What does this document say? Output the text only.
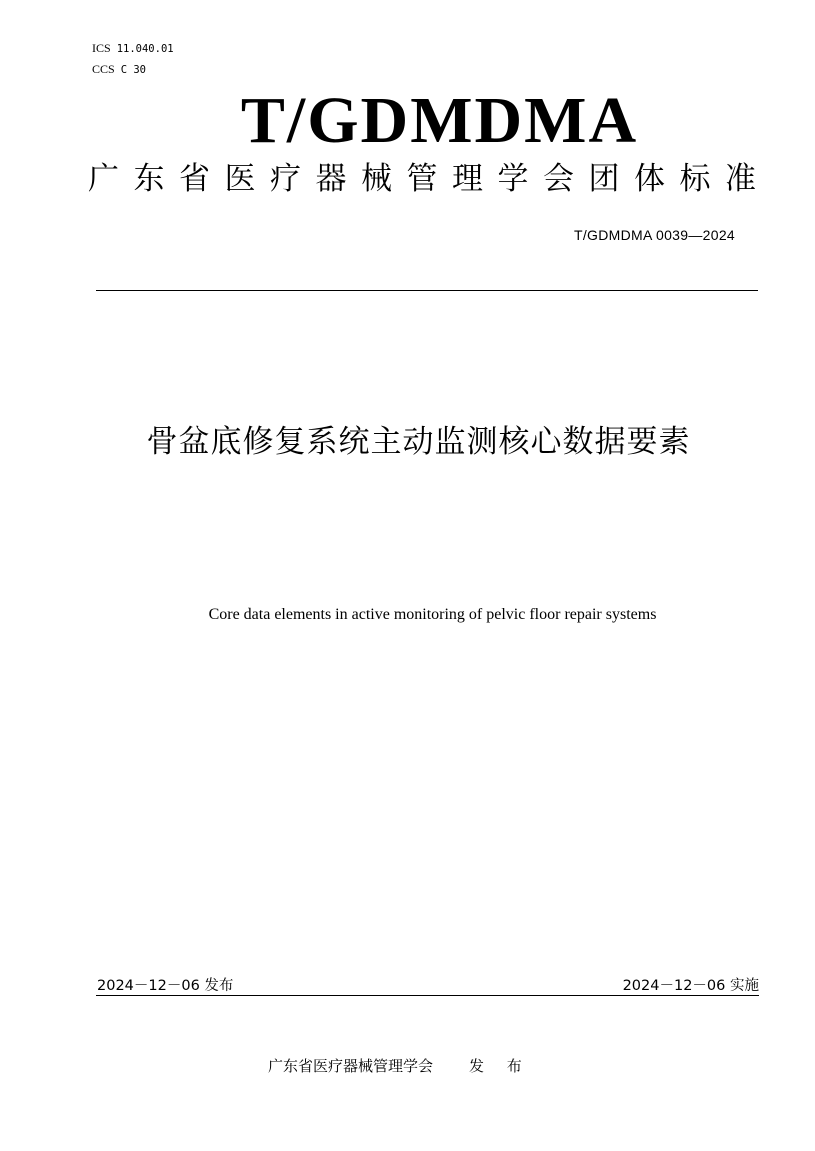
ICS 11.040.01
CCS C 30
T/GDMDMA
广 东 省 医 疗 器 械 管 理 学 会 团 体 标 准
T/GDMDMA 0039—2024
骨盆底修复系统主动监测核心数据要素
Core data elements in active monitoring of pelvic floor repair systems
2024－12－06 发布	2024－12－06 实施
广东省医疗器械管理学会 发 布
